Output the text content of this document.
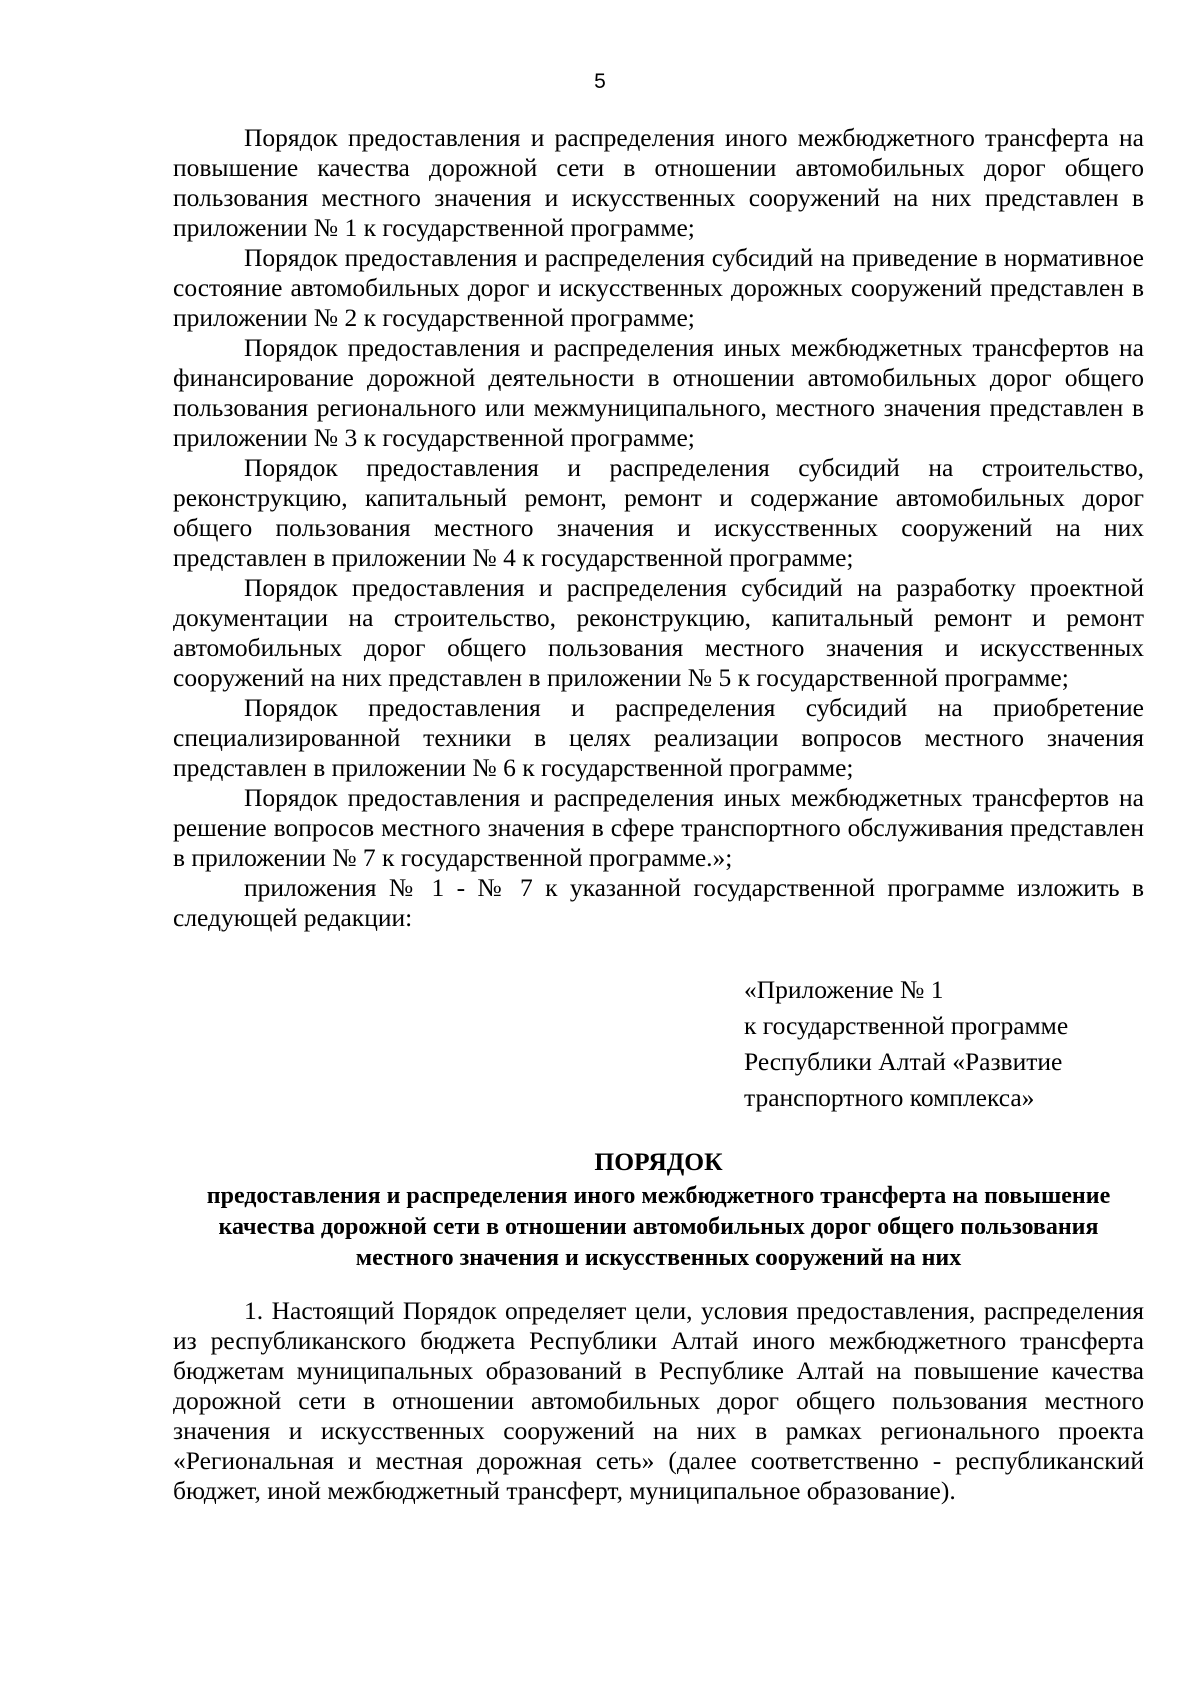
5

Порядок предоставления и распределения иного межбюджетного трансферта на повышение качества дорожной сети в отношении автомобильных дорог общего пользования местного значения и искусственных сооружений на них представлен в приложении № 1 к государственной программе;

Порядок предоставления и распределения субсидий на приведение в нормативное состояние автомобильных дорог и искусственных дорожных сооружений представлен в приложении № 2 к государственной программе;

Порядок предоставления и распределения иных межбюджетных трансфертов на финансирование дорожной деятельности в отношении автомобильных дорог общего пользования регионального или межмуниципального, местного значения представлен в приложении № 3 к государственной программе;

Порядок предоставления и распределения субсидий на строительство, реконструкцию, капитальный ремонт, ремонт и содержание автомобильных дорог общего пользования местного значения и искусственных сооружений на них представлен в приложении № 4 к государственной программе;

Порядок предоставления и распределения субсидий на разработку проектной документации на строительство, реконструкцию, капитальный ремонт и ремонт автомобильных дорог общего пользования местного значения и искусственных сооружений на них представлен в приложении № 5 к государственной программе;

Порядок предоставления и распределения субсидий на приобретение специализированной техники в целях реализации вопросов местного значения представлен в приложении № 6 к государственной программе;

Порядок предоставления и распределения иных межбюджетных трансфертов на решение вопросов местного значения в сфере транспортного обслуживания представлен в приложении № 7 к государственной программе.»;

приложения № 1 - № 7 к указанной государственной программе изложить в следующей редакции:

«Приложение № 1
к государственной программе
Республики Алтай «Развитие
транспортного комплекса»
ПОРЯДОК
предоставления и распределения иного межбюджетного трансферта на повышение качества дорожной сети в отношении автомобильных дорог общего пользования местного значения и искусственных сооружений на них

1. Настоящий Порядок определяет цели, условия предоставления, распределения из республиканского бюджета Республики Алтай иного межбюджетного трансферта бюджетам муниципальных образований в Республике Алтай на повышение качества дорожной сети в отношении автомобильных дорог общего пользования местного значения и искусственных сооружений на них в рамках регионального проекта «Региональная и местная дорожная сеть» (далее соответственно - республиканский бюджет, иной межбюджетный трансферт, муниципальное образование).
